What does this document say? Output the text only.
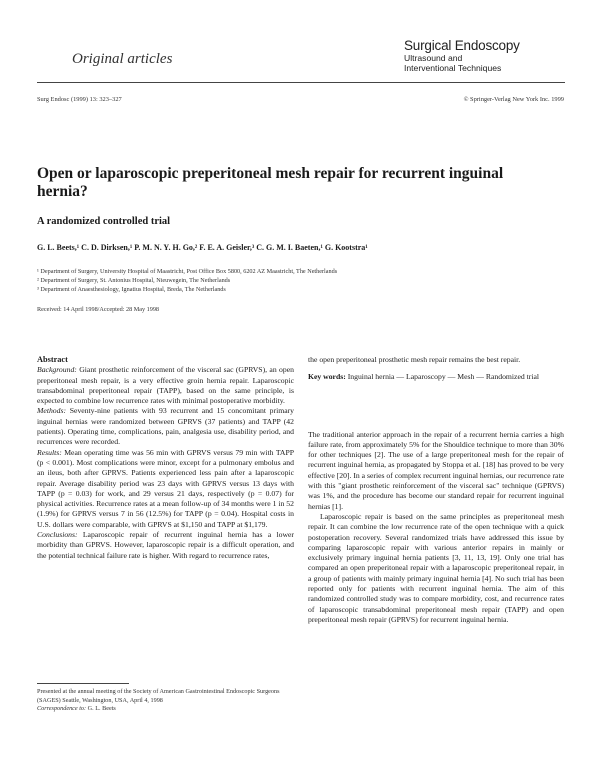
Original articles
Surgical Endoscopy
Ultrasound and
Interventional Techniques
Surg Endosc (1999) 13: 323–327	© Springer-Verlag New York Inc. 1999
Open or laparoscopic preperitoneal mesh repair for recurrent inguinal hernia?
A randomized controlled trial
G. L. Beets,¹ C. D. Dirksen,¹ P. M. N. Y. H. Go,² F. E. A. Geisler,³ C. G. M. I. Baeten,¹ G. Kootstra¹
¹ Department of Surgery, University Hospital of Maastricht, Post Office Box 5800, 6202 AZ Maastricht, The Netherlands
² Department of Surgery, St. Antonius Hospital, Nieuwegein, The Netherlands
³ Department of Anaesthesiology, Ignatius Hospital, Breda, The Netherlands
Received: 14 April 1998/Accepted: 28 May 1998
Abstract
Background: Giant prosthetic reinforcement of the visceral sac (GPRVS), an open preperitoneal mesh repair, is a very effective groin hernia repair. Laparoscopic transabdominal preperitoneal repair (TAPP), based on the same principle, is expected to combine low recurrence rates with minimal postoperative morbidity.
Methods: Seventy-nine patients with 93 recurrent and 15 concomitant primary inguinal hernias were randomized between GPRVS (37 patients) and TAPP (42 patients). Operating time, complications, pain, analgesia use, disability period, and recurrences were recorded.
Results: Mean operating time was 56 min with GPRVS versus 79 min with TAPP (p < 0.001). Most complications were minor, except for a pulmonary embolus and an ileus, both after GPRVS. Patients experienced less pain after a laparoscopic repair. Average disability period was 23 days with GPRVS versus 13 days with TAPP (p = 0.03) for work, and 29 versus 21 days, respectively (p = 0.07) for physical activities. Recurrence rates at a mean follow-up of 34 months were 1 in 52 (1.9%) for GPRVS versus 7 in 56 (12.5%) for TAPP (p = 0.04). Hospital costs in U.S. dollars were comparable, with GPRVS at $1,150 and TAPP at $1,179.
Conclusions: Laparoscopic repair of recurrent inguinal hernia has a lower morbidity than GPRVS. However, laparoscopic repair is a difficult operation, and the potential technical failure rate is higher. With regard to recurrence rates,
Presented at the annual meeting of the Society of American Gastrointestinal Endoscopic Surgeons (SAGES) Seattle, Washington, USA, April 4, 1998
Correspondence to: G. L. Beets
the open preperitoneal prosthetic mesh repair remains the best repair.
Key words: Inguinal hernia — Laparoscopy — Mesh — Randomized trial
The traditional anterior approach in the repair of a recurrent hernia carries a high failure rate, from approximately 5% for the Shouldice technique to more than 30% for other techniques [2]. The use of a large preperitoneal mesh for the repair of recurrent inguinal hernia, as propagated by Stoppa et al. [18] has proved to be very effective [20]. In a series of complex recurrent inguinal hernias, our recurrence rate with this "giant prosthetic reinforcement of the visceral sac" technique (GPRVS) was 1%, and the procedure has become our standard repair for recurrent inguinal hernias [1].
Laparoscopic repair is based on the same principles as preperitoneal mesh repair. It can combine the low recurrence rate of the open technique with a quick postoperation recovery. Several randomized trials have addressed this issue by comparing laparoscopic repair with various anterior repairs in mainly or exclusively primary inguinal hernia patients [3, 11, 13, 19]. Only one trial has compared an open preperitoneal repair with a laparoscopic preperitoneal repair, in a group of patients with mainly primary inguinal hernia [4]. No such trial has been reported only for patients with recurrent inguinal hernia. The aim of this randomized controlled study was to compare morbidity, cost, and recurrence rates of laparoscopic transabdominal preperitoneal mesh repair (TAPP) and open preperitoneal mesh repair (GPRVS) for recurrent inguinal hernia.
